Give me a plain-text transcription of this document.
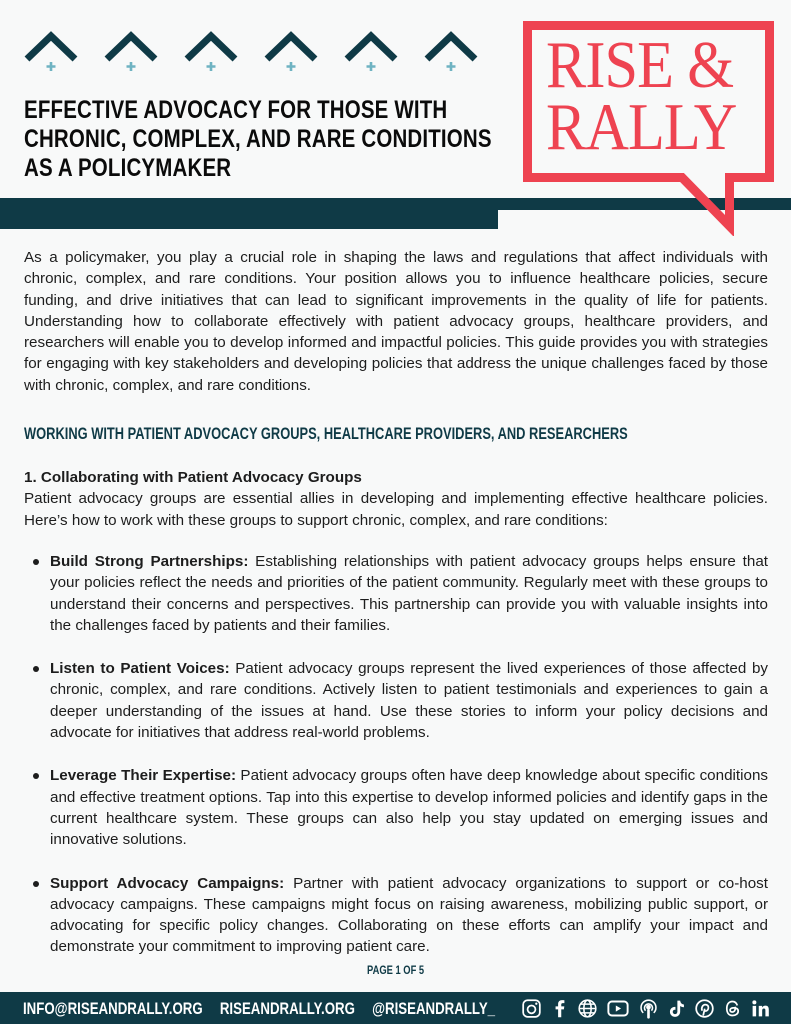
EFFECTIVE ADVOCACY FOR THOSE WITH
CHRONIC, COMPLEX, AND RARE CONDITIONS
AS A POLICYMAKER
RISE &
RALLY

As a policymaker, you play a crucial role in shaping the laws and regulations that affect individuals with chronic, complex, and rare conditions. Your position allows you to influence healthcare policies, secure funding, and drive initiatives that can lead to significant improvements in the quality of life for patients. Understanding how to collaborate effectively with patient advocacy groups, healthcare providers, and researchers will enable you to develop informed and impactful policies. This guide provides you with strategies for engaging with key stakeholders and developing policies that address the unique challenges faced by those with chronic, complex, and rare conditions.

WORKING WITH PATIENT ADVOCACY GROUPS, HEALTHCARE PROVIDERS, AND RESEARCHERS
1. Collaborating with Patient Advocacy Groups

Patient advocacy groups are essential allies in developing and implementing effective healthcare policies. Here’s how to work with these groups to support chronic, complex, and rare conditions:

Build Strong Partnerships: Establishing relationships with patient advocacy groups helps ensure that your policies reflect the needs and priorities of the patient community. Regularly meet with these groups to understand their concerns and perspectives. This partnership can provide you with valuable insights into the challenges faced by patients and their families.
Listen to Patient Voices: Patient advocacy groups represent the lived experiences of those affected by chronic, complex, and rare conditions. Actively listen to patient testimonials and experiences to gain a deeper understanding of the issues at hand. Use these stories to inform your policy decisions and advocate for initiatives that address real-world problems.
Leverage Their Expertise: Patient advocacy groups often have deep knowledge about specific conditions and effective treatment options. Tap into this expertise to develop informed policies and identify gaps in the current healthcare system. These groups can also help you stay updated on emerging issues and innovative solutions.
Support Advocacy Campaigns: Partner with patient advocacy organizations to support or co-host advocacy campaigns. These campaigns might focus on raising awareness, mobilizing public support, or advocating for specific policy changes. Collaborating on these efforts can amplify your impact and demonstrate your commitment to improving patient care.
PAGE 1 OF 5
INFO@RISEANDRALLY.ORG RISEANDRALLY.ORG @RISEANDRALLY_
